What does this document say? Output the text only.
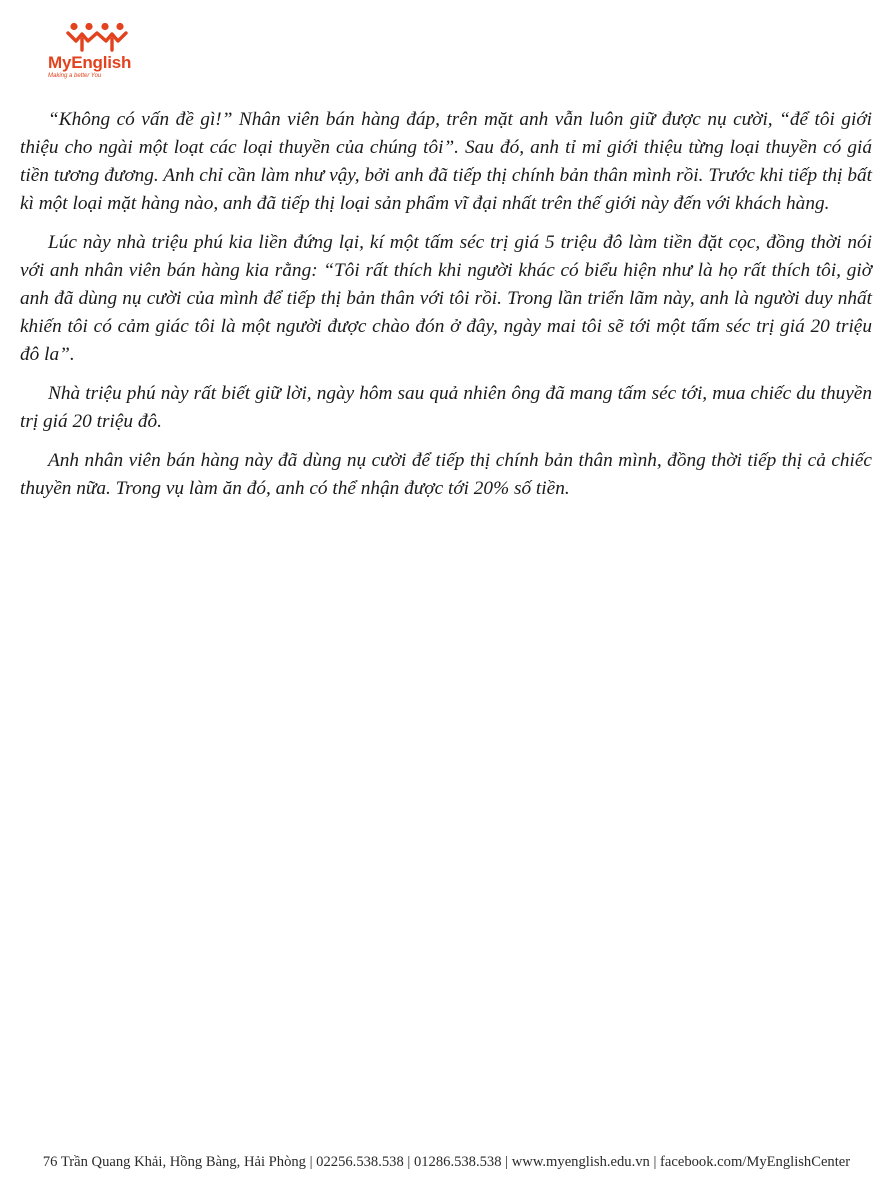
MyEnglish
Making a better You

“Không có vấn đề gì!” Nhân viên bán hàng đáp, trên mặt anh vẫn luôn giữ được nụ cười, “để tôi giới thiệu cho ngài một loạt các loại thuyền của chúng tôi”. Sau đó, anh tỉ mỉ giới thiệu từng loại thuyền có giá tiền tương đương. Anh chỉ cần làm như vậy, bởi anh đã tiếp thị chính bản thân mình rồi. Trước khi tiếp thị bất kì một loại mặt hàng nào, anh đã tiếp thị loại sản phẩm vĩ đại nhất trên thế giới này đến với khách hàng.

Lúc này nhà triệu phú kia liền đứng lại, kí một tấm séc trị giá 5 triệu đô làm tiền đặt cọc, đồng thời nói với anh nhân viên bán hàng kia rằng: “Tôi rất thích khi người khác có biểu hiện như là họ rất thích tôi, giờ anh đã dùng nụ cười của mình để tiếp thị bản thân với tôi rồi. Trong lần triển lãm này, anh là người duy nhất khiến tôi có cảm giác tôi là một người được chào đón ở đây, ngày mai tôi sẽ tới một tấm séc trị giá 20 triệu đô la”.

Nhà triệu phú này rất biết giữ lời, ngày hôm sau quả nhiên ông đã mang tấm séc tới, mua chiếc du thuyền trị giá 20 triệu đô.

Anh nhân viên bán hàng này đã dùng nụ cười để tiếp thị chính bản thân mình, đồng thời tiếp thị cả chiếc thuyền nữa. Trong vụ làm ăn đó, anh có thể nhận được tới 20% số tiền.

76 Trần Quang Khải, Hồng Bàng, Hải Phòng | 02256.538.538 | 01286.538.538 | www.myenglish.edu.vn | facebook.com/MyEnglishCenter
